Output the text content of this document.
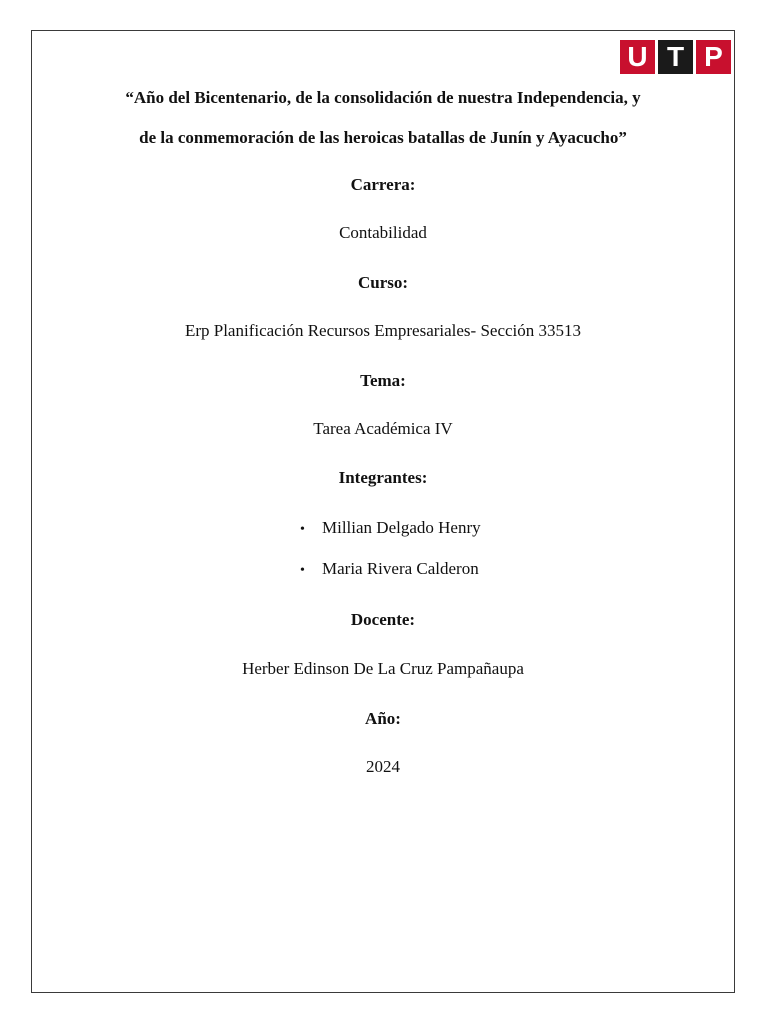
U T P
“Año del Bicentenario, de la consolidación de nuestra Independencia, y
de la conmemoración de las heroicas batallas de Junín y Ayacucho”
Carrera:
Contabilidad
Curso:
Erp Planificación Recursos Empresariales- Sección 33513
Tema:
Tarea Académica IV
Integrantes:
• Millian Delgado Henry
• Maria Rivera Calderon
Docente:
Herber Edinson De La Cruz Pampañaupa
Año:
2024
